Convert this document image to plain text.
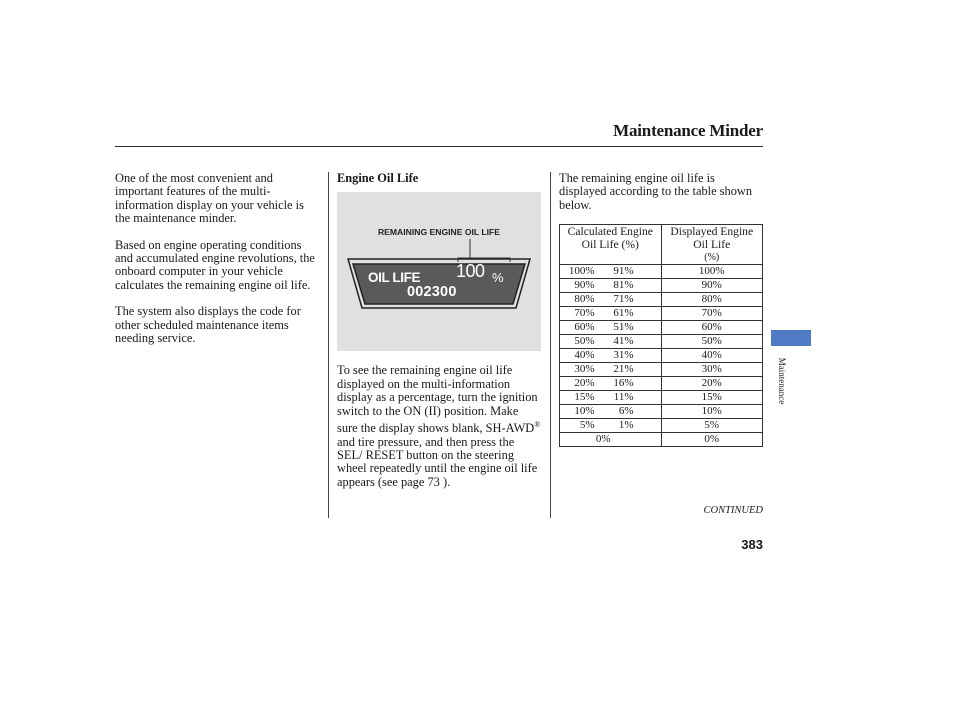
Maintenance Minder

One of the most convenient and important features of the multi-information display on your vehicle is the maintenance minder.

Based on engine operating conditions and accumulated engine revolutions, the onboard computer in your vehicle calculates the remaining engine oil life.

The system also displays the code for other scheduled maintenance items needing service.

Engine Oil Life
REMAINING ENGINE OIL LIFE
OIL LIFE 100 %
002300

To see the remaining engine oil life displayed on the multi-information display as a percentage, turn the ignition switch to the ON (II) position. Make sure the display shows blank, SH-AWD® and tire pressure, and then press the SEL/ RESET button on the steering wheel repeatedly until the engine oil life appears (see page 73 ).

The remaining engine oil life is displayed according to the table shown below.

Calculated Engine Oil Life (%)	Displayed Engine Oil Life
(%)

100% 91%	100%

90% 81%	90%

80% 71%	80%

70% 61%	70%

60% 51%	60%

50% 41%	50%

40% 31%	40%

30% 21%	30%

20% 16%	20%

15% 11%	15%

10% 6%	10%

5% 1%	5%

0%	0%
CONTINUED
383
Maintenance
